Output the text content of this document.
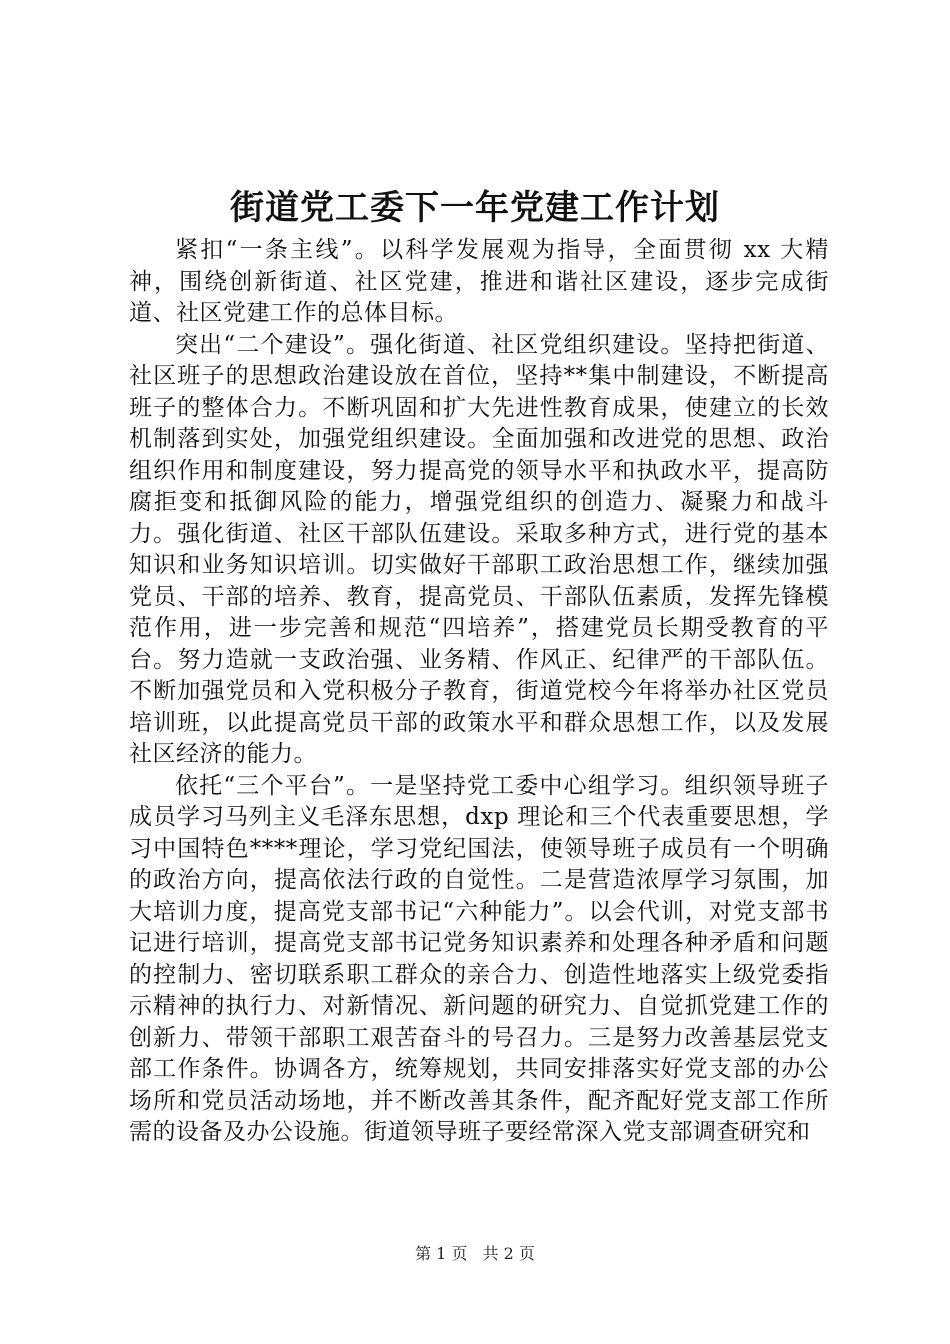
街道党工委下一年党建工作计划

紧扣“一条主线”。以科学发展观为指导，全面贯彻 xx 大精神，围绕创新街道、社区党建，推进和谐社区建设，逐步完成街道、社区党建工作的总体目标。

突出“二个建设”。强化街道、社区党组织建设。坚持把街道、社区班子的思想政治建设放在首位，坚持**集中制建设，不断提高班子的整体合力。不断巩固和扩大先进性教育成果，使建立的长效机制落到实处，加强党组织建设。全面加强和改进党的思想、政治组织作用和制度建设，努力提高党的领导水平和执政水平，提高防腐拒变和抵御风险的能力，增强党组织的创造力、凝聚力和战斗力。强化街道、社区干部队伍建设。采取多种方式，进行党的基本知识和业务知识培训。切实做好干部职工政治思想工作，继续加强党员、干部的培养、教育，提高党员、干部队伍素质，发挥先锋模范作用，进一步完善和规范“四培养”，搭建党员长期受教育的平台。努力造就一支政治强、业务精、作风正、纪律严的干部队伍。不断加强党员和入党积极分子教育，街道党校今年将举办社区党员培训班，以此提高党员干部的政策水平和群众思想工作，以及发展社区经济的能力。

依托“三个平台”。一是坚持党工委中心组学习。组织领导班子成员学习马列主义毛泽东思想，dxp 理论和三个代表重要思想，学习中国特色****理论，学习党纪国法，使领导班子成员有一个明确的政治方向，提高依法行政的自觉性。二是营造浓厚学习氛围，加大培训力度，提高党支部书记“六种能力”。以会代训，对党支部书记进行培训，提高党支部书记党务知识素养和处理各种矛盾和问题的控制力、密切联系职工群众的亲合力、创造性地落实上级党委指示精神的执行力、对新情况、新问题的研究力、自觉抓党建工作的创新力、带领干部职工艰苦奋斗的号召力。三是努力改善基层党支部工作条件。协调各方，统筹规划，共同安排落实好党支部的办公场所和党员活动场地，并不断改善其条件，配齐配好党支部工作所需的设备及办公设施。街道领导班子要经常深入党支部调查研究和

第 1 页 共 2 页
